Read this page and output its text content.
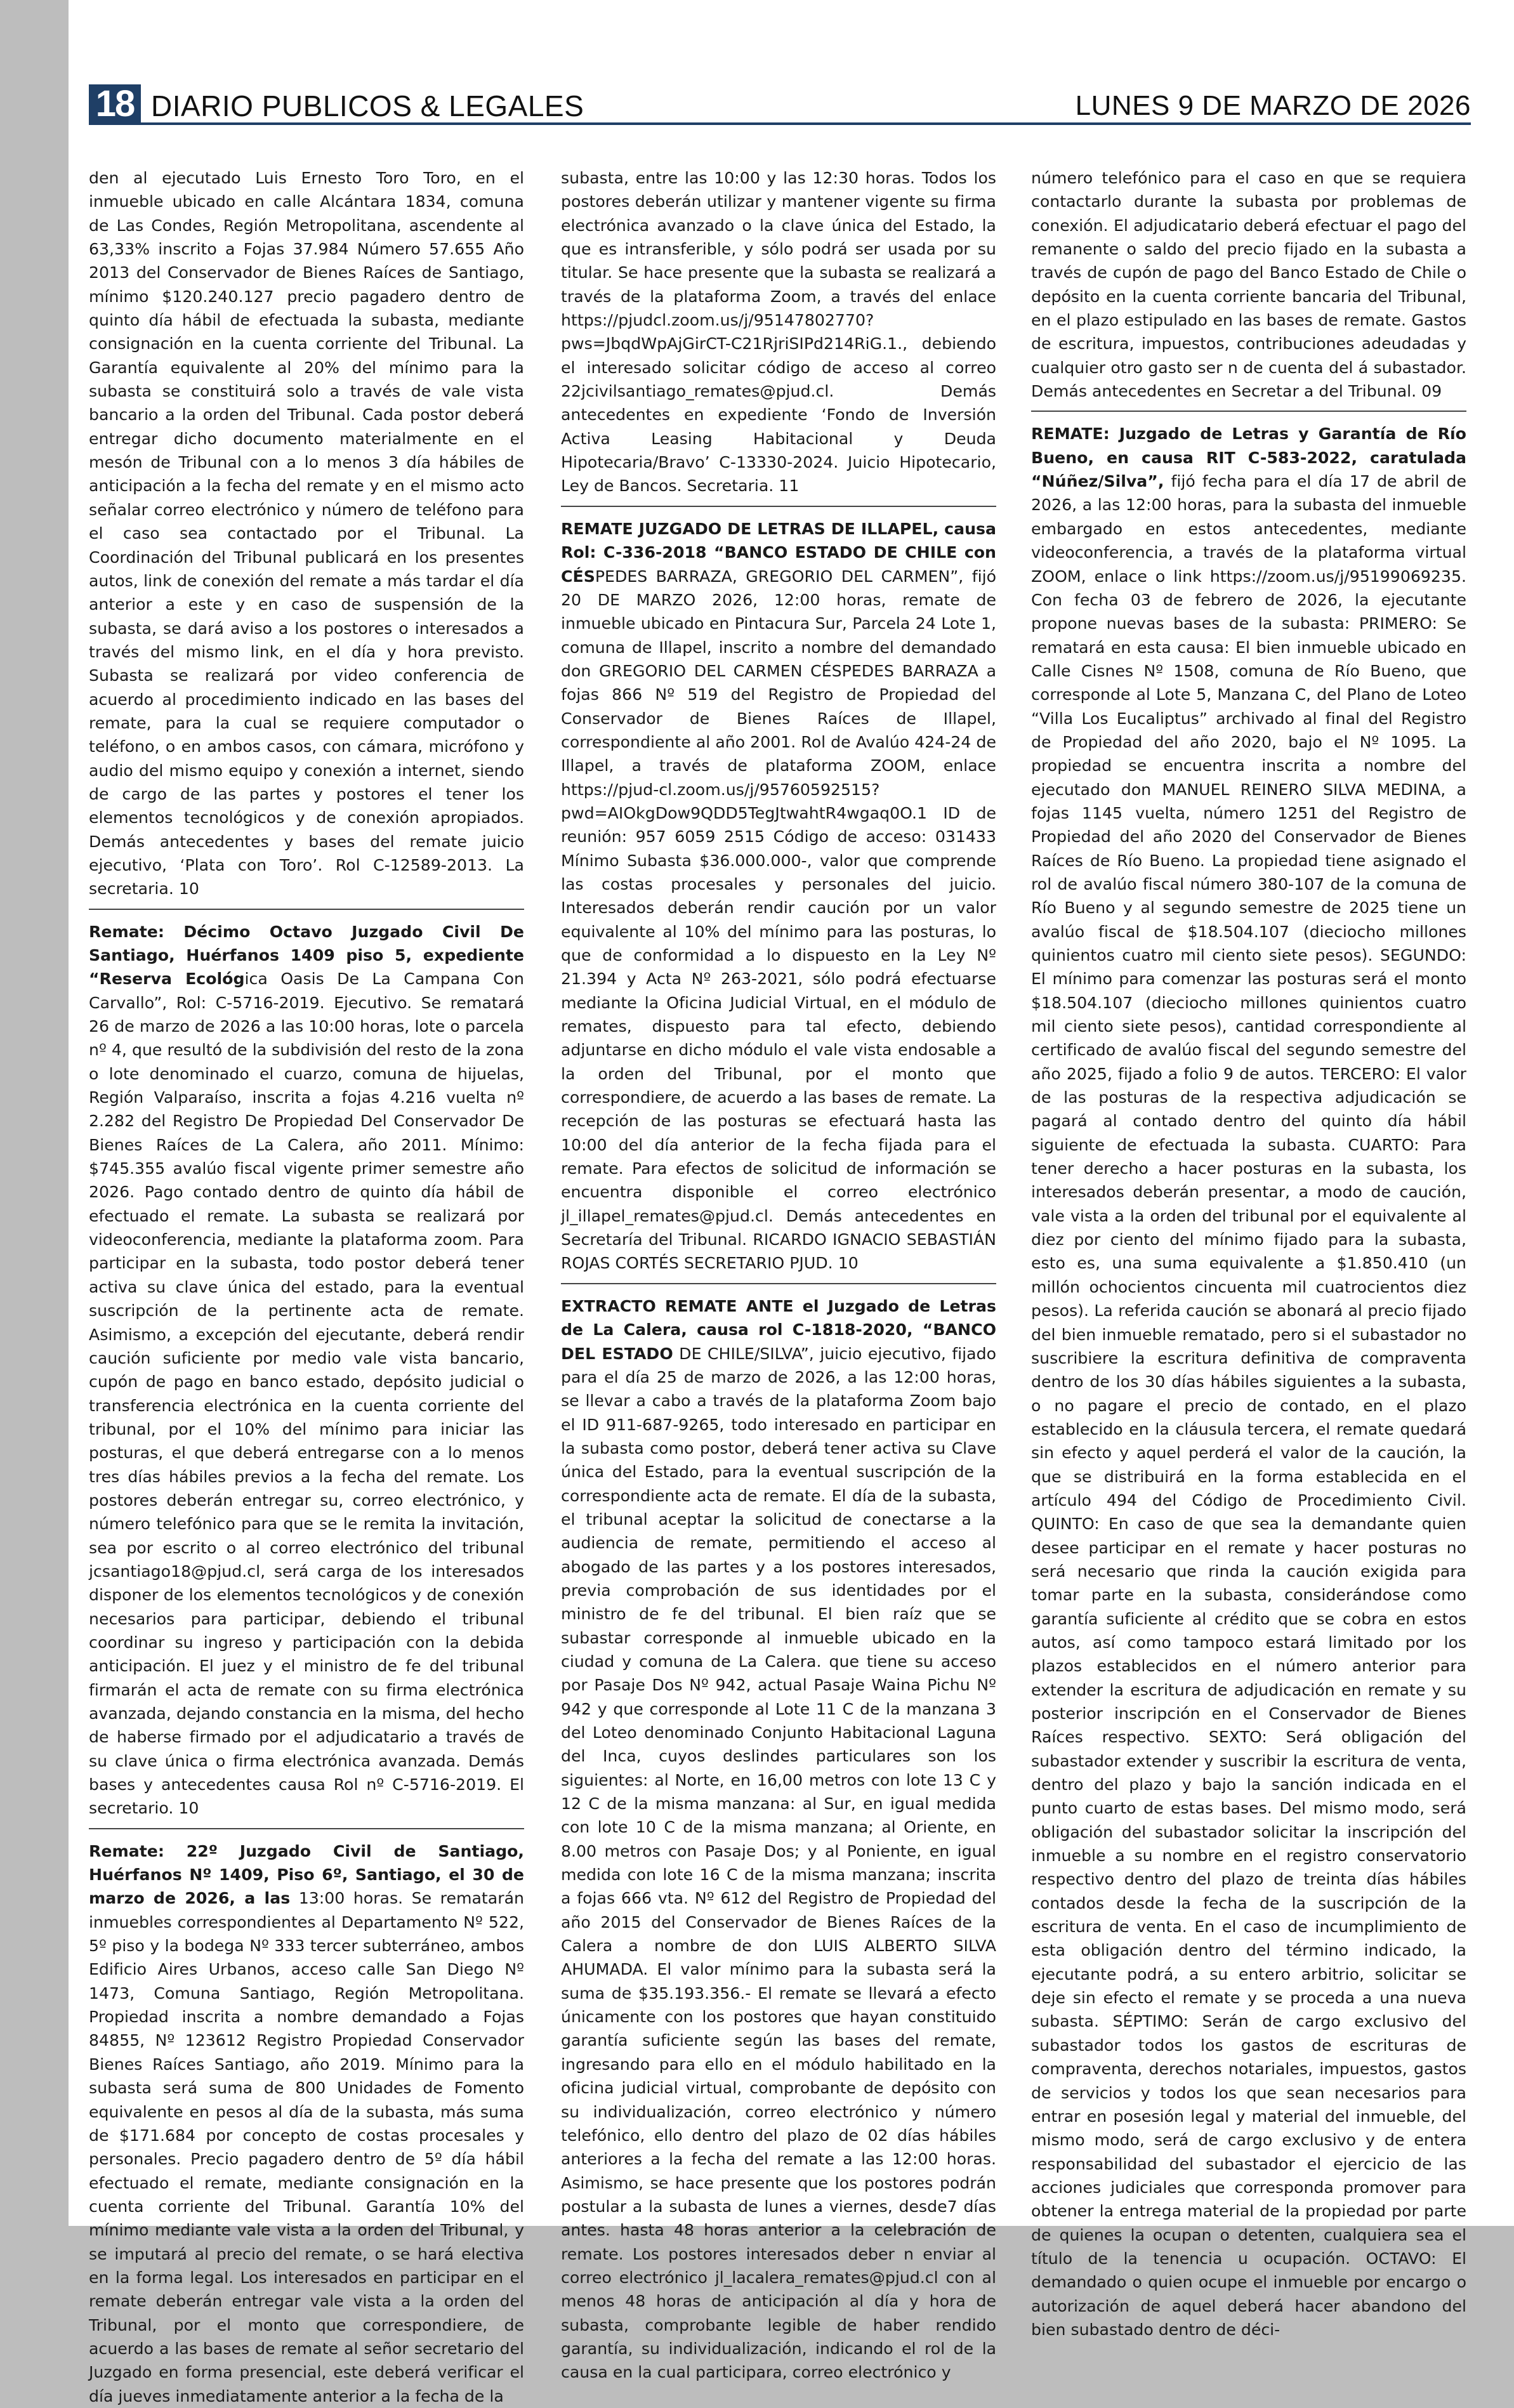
18 DIARIO PUBLICOS & LEGALES	LUNES 9 DE MARZO DE 2026

den al ejecutado Luis Ernesto Toro Toro, en el inmueble ubicado en calle Alcántara 1834, comuna de Las Condes, Región Metropolitana, ascendente al 63,33% inscrito a Fojas 37.984 Número 57.655 Año 2013 del Conservador de Bienes Raíces de Santiago, mínimo $120.240.127 precio pagadero dentro de quinto día hábil de efectuada la subasta, mediante consignación en la cuenta corriente del Tribunal. La Garantía equivalente al 20% del mínimo para la subasta se constituirá solo a través de vale vista bancario a la orden del Tribunal. Cada postor deberá entregar dicho documento materialmente en el mesón de Tribunal con a lo menos 3 día hábiles de anticipación a la fecha del remate y en el mismo acto señalar correo electrónico y número de teléfono para el caso sea contactado por el Tribunal. La Coordinación del Tribunal publicará en los presentes autos, link de conexión del remate a más tardar el día anterior a este y en caso de suspensión de la subasta, se dará aviso a los postores o interesados a través del mismo link, en el día y hora previsto. Subasta se realizará por video conferencia de acuerdo al procedimiento indicado en las bases del remate, para la cual se requiere computador o teléfono, o en ambos casos, con cámara, micrófono y audio del mismo equipo y conexión a internet, siendo de cargo de las partes y postores el tener los elementos tecnológicos y de conexión apropiados. Demás antecedentes y bases del remate juicio ejecutivo, ‘Plata con Toro’. Rol C-12589-2013. La secretaria. 10

Remate: Décimo Octavo Juzgado Civil De Santiago, Huérfanos 1409 piso 5, expediente “Reserva Ecológica Oasis De La Campana Con Carvallo”, Rol: C-5716-2019. Ejecutivo. Se rematará 26 de marzo de 2026 a las 10:00 horas, lote o parcela nº 4, que resultó de la subdivisión del resto de la zona o lote denominado el cuarzo, comuna de hijuelas, Región Valparaíso, inscrita a fojas 4.216 vuelta nº 2.282 del Registro De Propiedad Del Conservador De Bienes Raíces de La Calera, año 2011. Mínimo: $745.355 avalúo fiscal vigente primer semestre año 2026. Pago contado dentro de quinto día hábil de efectuado el remate. La subasta se realizará por videoconferencia, mediante la plataforma zoom. Para participar en la subasta, todo postor deberá tener activa su clave única del estado, para la eventual suscripción de la pertinente acta de remate. Asimismo, a excepción del ejecutante, deberá rendir caución suficiente por medio vale vista bancario, cupón de pago en banco estado, depósito judicial o transferencia electrónica en la cuenta corriente del tribunal, por el 10% del mínimo para iniciar las posturas, el que deberá entregarse con a lo menos tres días hábiles previos a la fecha del remate. Los postores deberán entregar su, correo electrónico, y número telefónico para que se le remita la invitación, sea por escrito o al correo electrónico del tribunal jcsantiago18@pjud.cl, será carga de los interesados disponer de los elementos tecnológicos y de conexión necesarios para participar, debiendo el tribunal coordinar su ingreso y participación con la debida anticipación. El juez y el ministro de fe del tribunal firmarán el acta de remate con su firma electrónica avanzada, dejando constancia en la misma, del hecho de haberse firmado por el adjudicatario a través de su clave única o firma electrónica avanzada. Demás bases y antecedentes causa Rol nº C-5716-2019. El secretario. 10

Remate: 22º Juzgado Civil de Santiago, Huérfanos Nº 1409, Piso 6º, Santiago, el 30 de marzo de 2026, a las 13:00 horas. Se rematarán inmuebles correspondientes al Departamento Nº 522, 5º piso y la bodega Nº 333 tercer subterráneo, ambos Edificio Aires Urbanos, acceso calle San Diego Nº 1473, Comuna Santiago, Región Metropolitana. Propiedad inscrita a nombre demandado a Fojas 84855, Nº 123612 Registro Propiedad Conservador Bienes Raíces Santiago, año 2019. Mínimo para la subasta será suma de 800 Unidades de Fomento equivalente en pesos al día de la subasta, más suma de $171.684 por concepto de costas procesales y personales. Precio pagadero dentro de 5º día hábil efectuado el remate, mediante consignación en la cuenta corriente del Tribunal. Garantía 10% del mínimo mediante vale vista a la orden del Tribunal, y se imputará al precio del remate, o se hará electiva en la forma legal. Los interesados en participar en el remate deberán entregar vale vista a la orden del Tribunal, por el monto que correspondiere, de acuerdo a las bases de remate al señor secretario del Juzgado en forma presencial, este deberá verificar el día jueves inmediatamente anterior a la fecha de la

subasta, entre las 10:00 y las 12:30 horas. Todos los postores deberán utilizar y mantener vigente su firma electrónica avanzado o la clave única del Estado, la que es intransferible, y sólo podrá ser usada por su titular. Se hace presente que la subasta se realizará a través de la plataforma Zoom, a través del enlace https://pjudcl.zoom.us/j/95147802770?pws=JbqdWpAjGirCT-C21RjriSIPd214RiG.1., debiendo el interesado solicitar código de acceso al correo 22jcivilsantiago_remates@pjud.cl. Demás antecedentes en expediente ‘Fondo de Inversión Activa Leasing Habitacional y Deuda Hipotecaria/Bravo’ C-13330-2024. Juicio Hipotecario, Ley de Bancos. Secretaria. 11

REMATE JUZGADO DE LETRAS DE ILLAPEL, causa Rol: C-336-2018 “BANCO ESTADO DE CHILE con CÉSPEDES BARRAZA, GREGORIO DEL CARMEN”, fijó 20 DE MARZO 2026, 12:00 horas, remate de inmueble ubicado en Pintacura Sur, Parcela 24 Lote 1, comuna de Illapel, inscrito a nombre del demandado don GREGORIO DEL CARMEN CÉSPEDES BARRAZA a fojas 866 Nº 519 del Registro de Propiedad del Conservador de Bienes Raíces de Illapel, correspondiente al año 2001. Rol de Avalúo 424-24 de Illapel, a través de plataforma ZOOM, enlace https://pjud-cl.zoom.us/j/95760592515?pwd=AIOkgDow9QDD5TegJtwahtR4wgaq0O.1 ID de reunión: 957 6059 2515 Código de acceso: 031433 Mínimo Subasta $36.000.000-, valor que comprende las costas procesales y personales del juicio. Interesados deberán rendir caución por un valor equivalente al 10% del mínimo para las posturas, lo que de conformidad a lo dispuesto en la Ley Nº 21.394 y Acta Nº 263-2021, sólo podrá efectuarse mediante la Oficina Judicial Virtual, en el módulo de remates, dispuesto para tal efecto, debiendo adjuntarse en dicho módulo el vale vista endosable a la orden del Tribunal, por el monto que correspondiere, de acuerdo a las bases de remate. La recepción de las posturas se efectuará hasta las 10:00 del día anterior de la fecha fijada para el remate. Para efectos de solicitud de información se encuentra disponible el correo electrónico jl_illapel_remates@pjud.cl. Demás antecedentes en Secretaría del Tribunal. RICARDO IGNACIO SEBASTIÁN ROJAS CORTÉS SECRETARIO PJUD. 10

EXTRACTO REMATE ANTE el Juzgado de Letras de La Calera, causa rol C-1818-2020, “BANCO DEL ESTADO DE CHILE/SILVA”, juicio ejecutivo, fijado para el día 25 de marzo de 2026, a las 12:00 horas, se llevar a cabo a través de la plataforma Zoom bajo el ID 911-687-9265, todo interesado en participar en la subasta como postor, deberá tener activa su Clave única del Estado, para la eventual suscripción de la correspondiente acta de remate. El día de la subasta, el tribunal aceptar la solicitud de conectarse a la audiencia de remate, permitiendo el acceso al abogado de las partes y a los postores interesados, previa comprobación de sus identidades por el ministro de fe del tribunal. El bien raíz que se subastar corresponde al inmueble ubicado en la ciudad y comuna de La Calera. que tiene su acceso por Pasaje Dos Nº 942, actual Pasaje Waina Pichu Nº 942 y que corresponde al Lote 11 C de la manzana 3 del Loteo denominado Conjunto Habitacional Laguna del Inca, cuyos deslindes particulares son los siguientes: al Norte, en 16,00 metros con lote 13 C y 12 C de la misma manzana: al Sur, en igual medida con lote 10 C de la misma manzana; al Oriente, en 8.00 metros con Pasaje Dos; y al Poniente, en igual medida con lote 16 C de la misma manzana; inscrita a fojas 666 vta. Nº 612 del Registro de Propiedad del año 2015 del Conservador de Bienes Raíces de la Calera a nombre de don LUIS ALBERTO SILVA AHUMADA. El valor mínimo para la subasta será la suma de $35.193.356.- El remate se llevará a efecto únicamente con los postores que hayan constituido garantía suficiente según las bases del remate, ingresando para ello en el módulo habilitado en la oficina judicial virtual, comprobante de depósito con su individualización, correo electrónico y número telefónico, ello dentro del plazo de 02 días hábiles anteriores a la fecha del remate a las 12:00 horas. Asimismo, se hace presente que los postores podrán postular a la subasta de lunes a viernes, desde7 días antes. hasta 48 horas anterior a la celebración de remate. Los postores interesados deber n enviar al correo electrónico jl_lacalera_remates@pjud.cl con al menos 48 horas de anticipación al día y hora de subasta, comprobante legible de haber rendido garantía, su individualización, indicando el rol de la causa en la cual participara, correo electrónico y

número telefónico para el caso en que se requiera contactarlo durante la subasta por problemas de conexión. El adjudicatario deberá efectuar el pago del remanente o saldo del precio fijado en la subasta a través de cupón de pago del Banco Estado de Chile o depósito en la cuenta corriente bancaria del Tribunal, en el plazo estipulado en las bases de remate. Gastos de escritura, impuestos, contribuciones adeudadas y cualquier otro gasto ser n de cuenta del á subastador. Demás antecedentes en Secretar a del Tribunal. 09

REMATE: Juzgado de Letras y Garantía de Río Bueno, en causa RIT C-583-2022, caratulada “Núñez/Silva”, fijó fecha para el día 17 de abril de 2026, a las 12:00 horas, para la subasta del inmueble embargado en estos antecedentes, mediante videoconferencia, a través de la plataforma virtual ZOOM, enlace o link https://zoom.us/j/95199069235. Con fecha 03 de febrero de 2026, la ejecutante propone nuevas bases de la subasta: PRIMERO: Se rematará en esta causa: El bien inmueble ubicado en Calle Cisnes Nº 1508, comuna de Río Bueno, que corresponde al Lote 5, Manzana C, del Plano de Loteo “Villa Los Eucaliptus” archivado al final del Registro de Propiedad del año 2020, bajo el Nº 1095. La propiedad se encuentra inscrita a nombre del ejecutado don MANUEL REINERO SILVA MEDINA, a fojas 1145 vuelta, número 1251 del Registro de Propiedad del año 2020 del Conservador de Bienes Raíces de Río Bueno. La propiedad tiene asignado el rol de avalúo fiscal número 380-107 de la comuna de Río Bueno y al segundo semestre de 2025 tiene un avalúo fiscal de $18.504.107 (dieciocho millones quinientos cuatro mil ciento siete pesos). SEGUNDO: El mínimo para comenzar las posturas será el monto $18.504.107 (dieciocho millones quinientos cuatro mil ciento siete pesos), cantidad correspondiente al certificado de avalúo fiscal del segundo semestre del año 2025, fijado a folio 9 de autos. TERCERO: El valor de las posturas de la respectiva adjudicación se pagará al contado dentro del quinto día hábil siguiente de efectuada la subasta. CUARTO: Para tener derecho a hacer posturas en la subasta, los interesados deberán presentar, a modo de caución, vale vista a la orden del tribunal por el equivalente al diez por ciento del mínimo fijado para la subasta, esto es, una suma equivalente a $1.850.410 (un millón ochocientos cincuenta mil cuatrocientos diez pesos). La referida caución se abonará al precio fijado del bien inmueble rematado, pero si el subastador no suscribiere la escritura definitiva de compraventa dentro de los 30 días hábiles siguientes a la subasta, o no pagare el precio de contado, en el plazo establecido en la cláusula tercera, el remate quedará sin efecto y aquel perderá el valor de la caución, la que se distribuirá en la forma establecida en el artículo 494 del Código de Procedimiento Civil. QUINTO: En caso de que sea la demandante quien desee participar en el remate y hacer posturas no será necesario que rinda la caución exigida para tomar parte en la subasta, considerándose como garantía suficiente al crédito que se cobra en estos autos, así como tampoco estará limitado por los plazos establecidos en el número anterior para extender la escritura de adjudicación en remate y su posterior inscripción en el Conservador de Bienes Raíces respectivo. SEXTO: Será obligación del subastador extender y suscribir la escritura de venta, dentro del plazo y bajo la sanción indicada en el punto cuarto de estas bases. Del mismo modo, será obligación del subastador solicitar la inscripción del inmueble a su nombre en el registro conservatorio respectivo dentro del plazo de treinta días hábiles contados desde la fecha de la suscripción de la escritura de venta. En el caso de incumplimiento de esta obligación dentro del término indicado, la ejecutante podrá, a su entero arbitrio, solicitar se deje sin efecto el remate y se proceda a una nueva subasta. SÉPTIMO: Serán de cargo exclusivo del subastador todos los gastos de escrituras de compraventa, derechos notariales, impuestos, gastos de servicios y todos los que sean necesarios para entrar en posesión legal y material del inmueble, del mismo modo, será de cargo exclusivo y de entera responsabilidad del subastador el ejercicio de las acciones judiciales que corresponda promover para obtener la entrega material de la propiedad por parte de quienes la ocupan o detenten, cualquiera sea el título de la tenencia u ocupación. OCTAVO: El demandado o quien ocupe el inmueble por encargo o autorización de aquel deberá hacer abandono del bien subastado dentro de déci-
